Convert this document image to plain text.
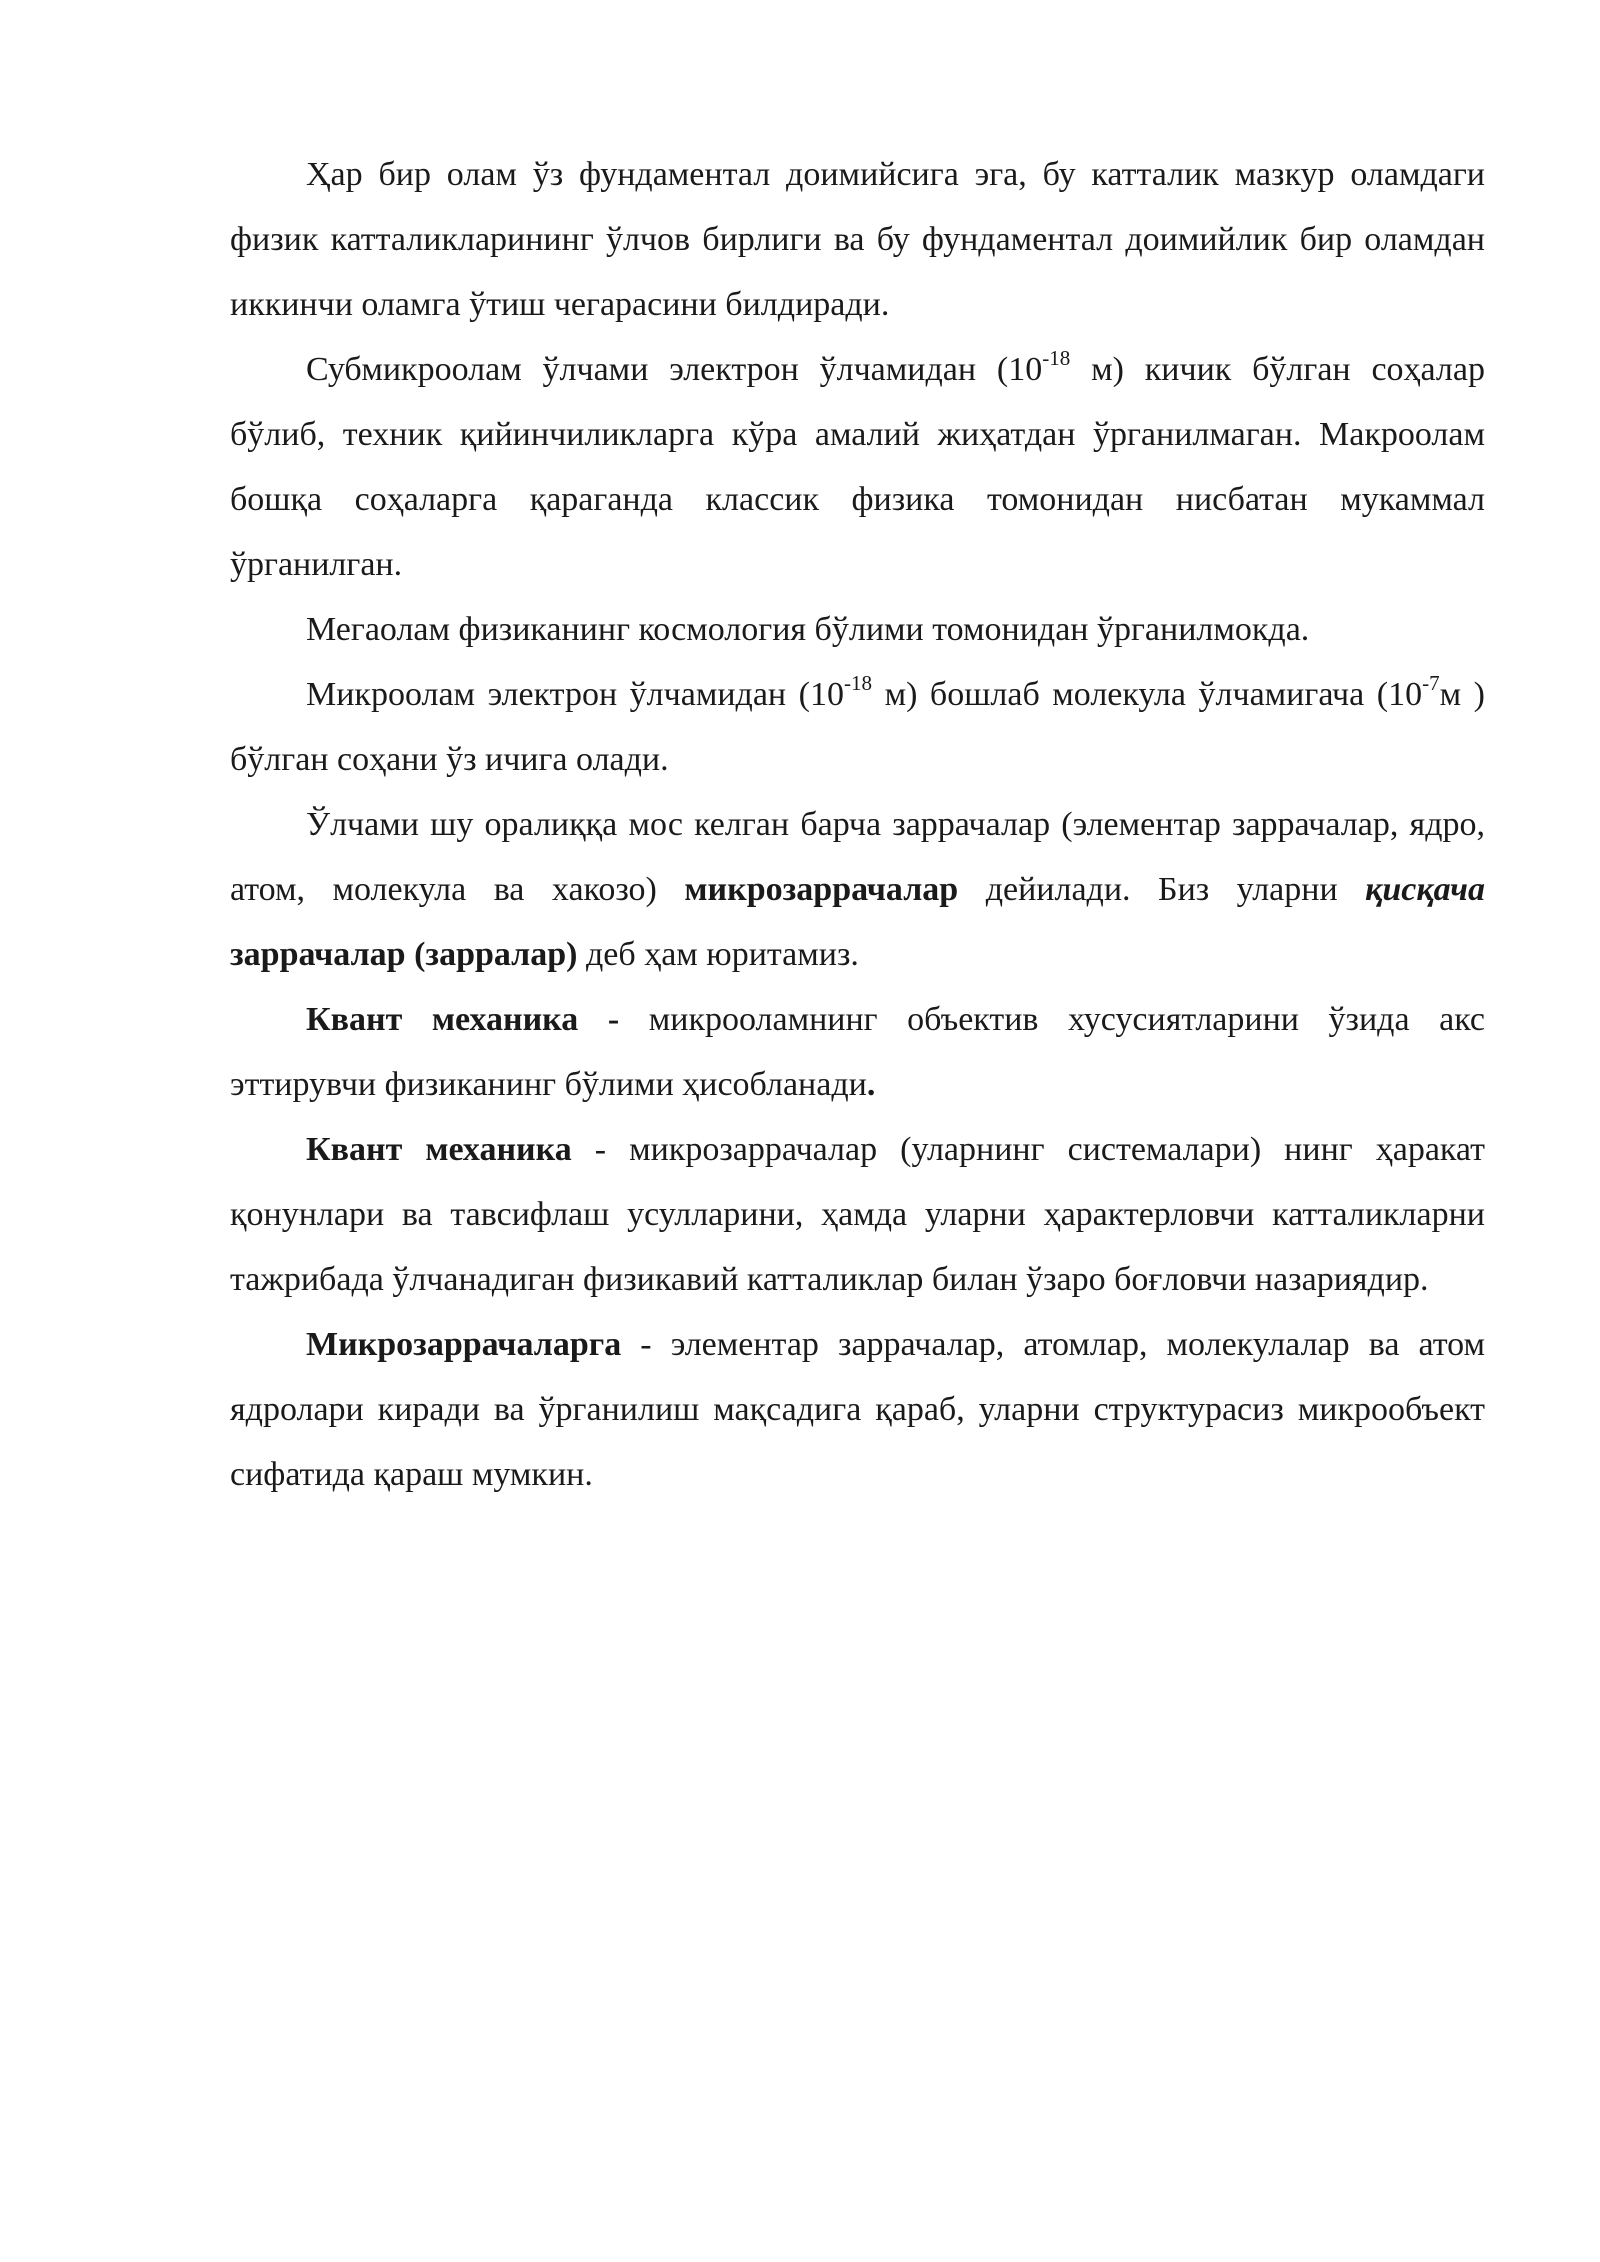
Ҳар бир олам ўз фундаментал доимийсига эга, бу катталик мазкур оламдаги физик катталикларининг ўлчов бирлиги ва бу фундаментал доимийлик бир оламдан иккинчи оламга ўтиш чегарасини билдиради.

Субмикроолам ўлчами электрон ўлчамидан ($10^{-18}$ м) кичик бўлган соҳалар бўлиб, техник қийинчиликларга кўра амалий жиҳатдан ўрганилмаган. Макроолам бошқа соҳаларга қараганда классик физика томонидан нисбатан мукаммал ўрганилган.

Мегаолам физиканинг космология бўлими томонидан ўрганилмокда.

Микроолам электрон ўлчамидан ($10^{-18}$ м) бошлаб молекула ўлчамигача ($10^{-7}м$ ) бўлган соҳани ўз ичига олади.

Ўлчами шу оралиққа мос келган барча заррачалар (элементар заррачалар, ядро, атом, молекула ва хакозо) микрозаррачалар дейилади. Биз уларни қисқача заррачалар (зарралар) деб ҳам юритамиз.

Квант механика - микрооламнинг объектив хусусиятларини ўзида акс эттирувчи физиканинг бўлими ҳисобланади.

Квант механика - микрозаррачалар (уларнинг системалари) нинг ҳаракат қонунлари ва тавсифлаш усулларини, ҳамда уларни ҳарактерловчи катталикларни тажрибада ўлчанадиган физикавий катталиклар билан ўзаро боғловчи назариядир.

Микрозаррачаларга - элементар заррачалар, атомлар, молекулалар ва атом ядролари киради ва ўрганилиш мақсадига қараб, уларни структурасиз микрообъект сифатида қараш мумкин.
